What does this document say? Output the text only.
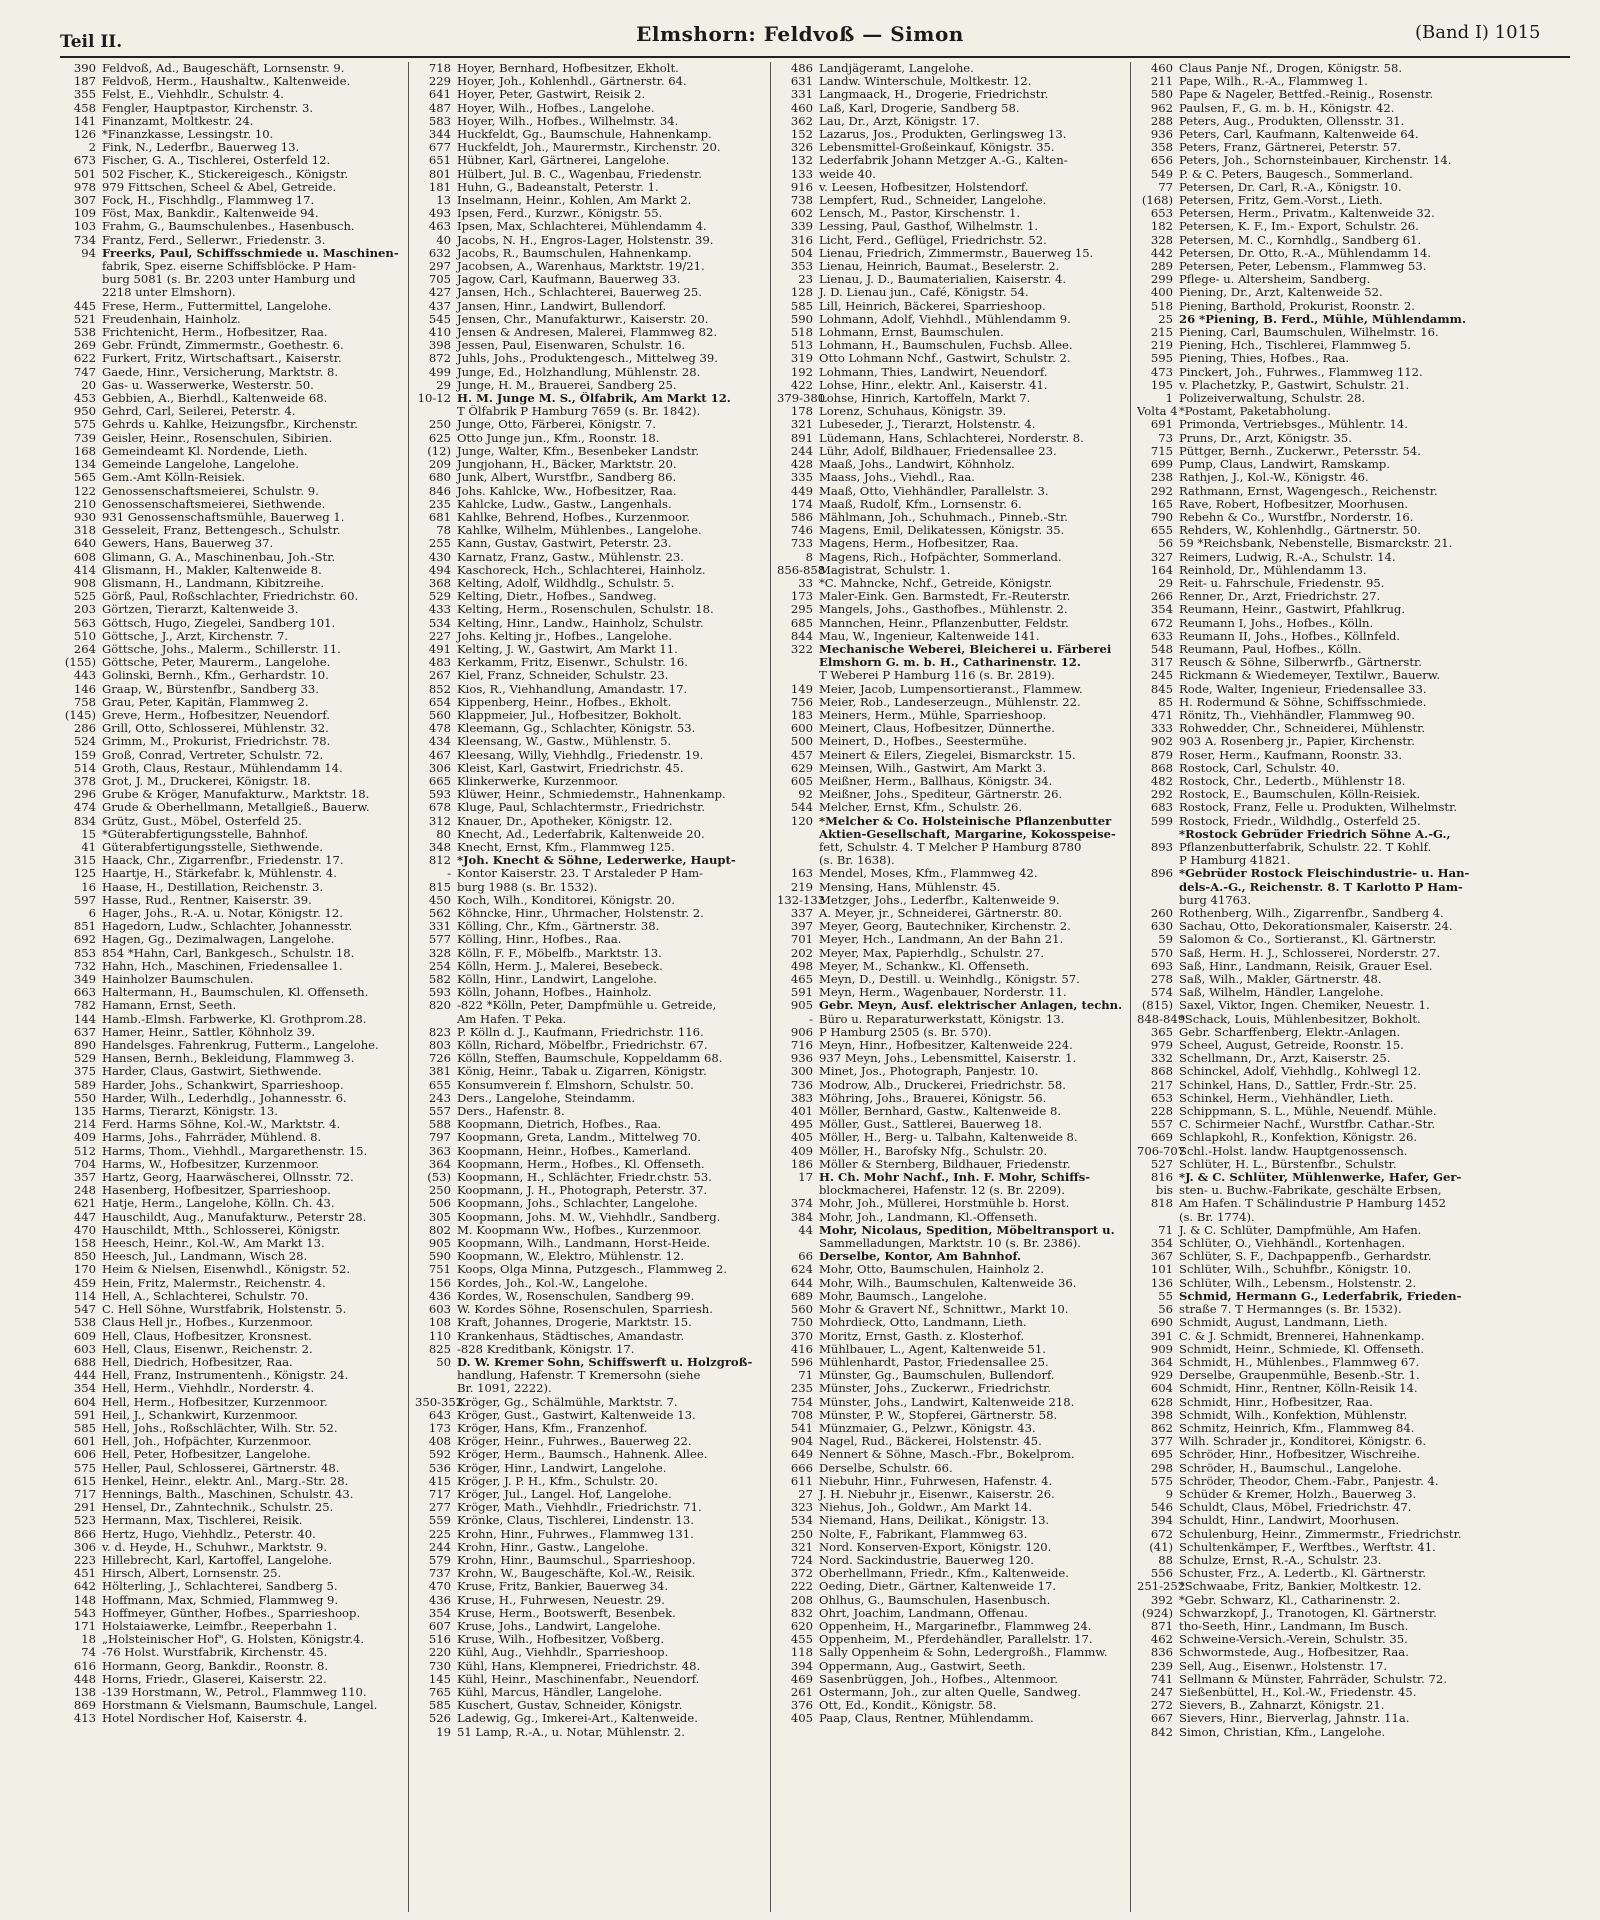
Teil II.	Elmshorn: Feldvoß — Simon	(Band I) 1015
390 Feldvoß, Ad., Baugeschäft, Lornsenstr. 9.
187 Feldvoß, Herm., Haushaltw., Kaltenweide.
355 Felst, E., Viehhdlr., Schulstr. 4.
458 Fengler, Hauptpastor, Kirchenstr. 3.
141 Finanzamt, Moltkestr. 24.
126 *Finanzkasse, Lessingstr. 10.
2 Fink, N., Lederfbr., Bauerweg 13.
673 Fischer, G. A., Tischlerei, Osterfeld 12.
501 502 Fischer, K., Stickereigesch., Königstr.
978 979 Fittschen, Scheel & Abel, Getreide.
307 Fock, H., Fischhdlg., Flammweg 17.
109 Föst, Max, Bankdir., Kaltenweide 94.
103 Frahm, G., Baumschulenbes., Hasenbusch.
734 Frantz, Ferd., Sellerwr., Friedenstr. 3.
94 Freerks, Paul, Schiffsschmiede u. Maschinen-
fabrik, Spez. eiserne Schiffsblöcke. P Ham-
burg 5081 (s. Br. 2203 unter Hamburg und
2218 unter Elmshorn).
445 Frese, Herm., Futtermittel, Langelohe.
521 Freudenhain, Hainholz.
538 Frichtenicht, Herm., Hofbesitzer, Raa.
269 Gebr. Fründt, Zimmermstr., Goethestr. 6.
622 Furkert, Fritz, Wirtschaftsart., Kaiserstr.
747 Gaede, Hinr., Versicherung, Marktstr. 8.
20 Gas- u. Wasserwerke, Westerstr. 50.
453 Gebbien, A., Bierhdl., Kaltenweide 68.
950 Gehrd, Carl, Seilerei, Peterstr. 4.
575 Gehrds u. Kahlke, Heizungsfbr., Kirchenstr.
739 Geisler, Heinr., Rosenschulen, Sibirien.
168 Gemeindeamt Kl. Nordende, Lieth.
134 Gemeinde Langelohe, Langelohe.
565 Gem.-Amt Kölln-Reisiek.
122 Genossenschaftsmeierei, Schulstr. 9.
210 Genossenschaftsmeierei, Siethwende.
930 931 Genossenschaftsmühle, Bauerweg 1.
318 Gesseleit, Franz, Bettengesch., Schulstr.
640 Gewers, Hans, Bauerweg 37.
608 Glimann, G. A., Maschinenbau, Joh.-Str.
414 Glismann, H., Makler, Kaltenweide 8.
908 Glismann, H., Landmann, Kibitzreihe.
525 Görß, Paul, Roßschlachter, Friedrichstr. 60.
203 Görtzen, Tierarzt, Kaltenweide 3.
563 Göttsch, Hugo, Ziegelei, Sandberg 101.
510 Göttsche, J., Arzt, Kirchenstr. 7.
264 Göttsche, Johs., Malerm., Schillerstr. 11.
(155) Göttsche, Peter, Maurerm., Langelohe.
443 Golinski, Bernh., Kfm., Gerhardstr. 10.
146 Graap, W., Bürstenfbr., Sandberg 33.
758 Grau, Peter, Kapitän, Flammweg 2.
(145) Greve, Herm., Hofbesitzer, Neuendorf.
286 Grill, Otto, Schlosserei, Mühlenstr. 32.
524 Grimm, M., Prokurist, Friedrichstr. 78.
159 Groß, Conrad, Vertreter, Schulstr. 72.
514 Groth, Claus, Restaur., Mühlendamm 14.
378 Grot, J. M., Druckerei, Königstr. 18.
296 Grube & Kröger, Manufakturw., Marktstr. 18.
474 Grude & Oberhellmann, Metallgieß., Bauerw.
834 Grütz, Gust., Möbel, Osterfeld 25.
15 *Güterabfertigungsstelle, Bahnhof.
41 Güterabfertigungsstelle, Siethwende.
315 Haack, Chr., Zigarrenfbr., Friedenstr. 17.
125 Haartje, H., Stärkefabr. k, Mühlenstr. 4.
16 Haase, H., Destillation, Reichenstr. 3.
597 Hasse, Rud., Rentner, Kaiserstr. 39.
6 Hager, Johs., R.-A. u. Notar, Königstr. 12.
851 Hagedorn, Ludw., Schlachter, Johannesstr.
692 Hagen, Gg., Dezimalwagen, Langelohe.
853 854 *Hahn, Carl, Bankgesch., Schulstr. 18.
732 Hahn, Hch., Maschinen, Friedensallee 1.
349 Hainholzer Baumschulen.
663 Haltermann, H., Baumschulen, Kl. Offenseth.
782 Hamann, Ernst, Seeth.
144 Hamb.-Elmsh. Farbwerke, Kl. Grothprom.28.
637 Hamer, Heinr., Sattler, Köhnholz 39.
890 Handelsges. Fahrenkrug, Futterm., Langelohe.
529 Hansen, Bernh., Bekleidung, Flammweg 3.
375 Harder, Claus, Gastwirt, Siethwende.
589 Harder, Johs., Schankwirt, Sparrieshoop.
550 Harder, Wilh., Lederhdlg., Johannesstr. 6.
135 Harms, Tierarzt, Königstr. 13.
214 Ferd. Harms Söhne, Kol.-W., Marktstr. 4.
409 Harms, Johs., Fahrräder, Mühlend. 8.
512 Harms, Thom., Viehhdl., Margarethenstr. 15.
704 Harms, W., Hofbesitzer, Kurzenmoor.
357 Hartz, Georg, Haarwäscherei, Ollnsstr. 72.
248 Hasenberg, Hofbesitzer, Sparrieshoop.
621 Hatje, Herm., Langelohe, Kölln. Ch. 43.
447 Hauschildt, Aug., Manufakturw., Peterstr 28.
470 Hauschildt, Mtth., Schlosserei, Königstr.
158 Heesch, Heinr., Kol.-W., Am Markt 13.
850 Heesch, Jul., Landmann, Wisch 28.
170 Heim & Nielsen, Eisenwhdl., Königstr. 52.
459 Hein, Fritz, Malermstr., Reichenstr. 4.
114 Hell, A., Schlachterei, Schulstr. 70.
547 C. Hell Söhne, Wurstfabrik, Holstenstr. 5.
538 Claus Hell jr., Hofbes., Kurzenmoor.
609 Hell, Claus, Hofbesitzer, Kronsnest.
603 Hell, Claus, Eisenwr., Reichenstr. 2.
688 Hell, Diedrich, Hofbesitzer, Raa.
444 Hell, Franz, Instrumentenh., Königstr. 24.
354 Hell, Herm., Viehhdlr., Norderstr. 4.
604 Hell, Herm., Hofbesitzer, Kurzenmoor.
591 Heil, J., Schankwirt, Kurzenmoor.
585 Hell, Johs., Roßschlächter, Wilh. Str. 52.
601 Hell, Joh., Hofpächter, Kurzenmoor.
606 Hell, Peter, Hofbesitzer, Langelohe.
575 Heller, Paul, Schlosserei, Gärtnerstr. 48.
615 Henkel, Heinr., elektr. Anl., Marg.-Str. 28.
717 Hennings, Balth., Maschinen, Schulstr. 43.
291 Hensel, Dr., Zahntechnik., Schulstr. 25.
523 Hermann, Max, Tischlerei, Reisik.
866 Hertz, Hugo, Viehhdlz., Peterstr. 40.
306 v. d. Heyde, H., Schuhwr., Marktstr. 9.
223 Hillebrecht, Karl, Kartoffel, Langelohe.
451 Hirsch, Albert, Lornsenstr. 25.
642 Hölterling, J., Schlachterei, Sandberg 5.
148 Hoffmann, Max, Schmied, Flammweg 9.
543 Hoffmeyer, Günther, Hofbes., Sparrieshoop.
171 Holstaiawerke, Leimfbr., Reeperbahn 1.
18 „Holsteinischer Hof", G. Holsten, Königstr.4.
74 -76 Holst. Wurstfabrik, Kirchenstr. 45.
616 Hormann, Georg, Bankdir., Roonstr. 8.
448 Horns, Friedr., Glaserei, Kaiserstr. 22.
138 -139 Horstmann, W., Petrol., Flammweg 110.
869 Horstmann & Vielsmann, Baumschule, Langel.
413 Hotel Nordischer Hof, Kaiserstr. 4.
718 Hoyer, Bernhard, Hofbesitzer, Ekholt.
229 Hoyer, Joh., Kohlenhdl., Gärtnerstr. 64.
641 Hoyer, Peter, Gastwirt, Reisik 2.
487 Hoyer, Wilh., Hofbes., Langelohe.
583 Hoyer, Wilh., Hofbes., Wilhelmstr. 34.
344 Huckfeldt, Gg., Baumschule, Hahnenkamp.
677 Huckfeldt, Joh., Maurermstr., Kirchenstr. 20.
651 Hübner, Karl, Gärtnerei, Langelohe.
801 Hülbert, Jul. B. C., Wagenbau, Friedenstr.
181 Huhn, G., Badeanstalt, Peterstr. 1.
13 Inselmann, Heinr., Kohlen, Am Markt 2.
493 Ipsen, Ferd., Kurzwr., Königstr. 55.
463 Ipsen, Max, Schlachterei, Mühlendamm 4.
40 Jacobs, N. H., Engros-Lager, Holstenstr. 39.
632 Jacobs, R., Baumschulen, Hahnenkamp.
297 Jacobsen, A., Warenhaus, Marktstr. 19/21.
705 Jagow, Carl, Kaufmann, Bauerweg 33.
427 Jansen, Hch., Schlachterei, Bauerweg 25.
437 Jansen, Hinr., Landwirt, Bullendorf.
545 Jensen, Chr., Manufakturwr., Kaiserstr. 20.
410 Jensen & Andresen, Malerei, Flammweg 82.
398 Jessen, Paul, Eisenwaren, Schulstr. 16.
872 Juhls, Johs., Produktengesch., Mittelweg 39.
499 Junge, Ed., Holzhandlung, Mühlenstr. 28.
29 Junge, H. M., Brauerei, Sandberg 25.
10-12 H. M. Junge M. S., Ölfabrik, Am Markt 12.
T Ölfabrik P Hamburg 7659 (s. Br. 1842).
250 Junge, Otto, Färberei, Königstr. 7.
625 Otto Junge jun., Kfm., Roonstr. 18.
(12) Junge, Walter, Kfm., Besenbeker Landstr.
209 Jungjohann, H., Bäcker, Marktstr. 20.
680 Junk, Albert, Wurstfbr., Sandberg 86.
846 Johs. Kahlcke, Ww., Hofbesitzer, Raa.
235 Kahlcke, Ludw., Gastw., Langenhals.
681 Kahlke, Behrend, Hofbes., Kurzenmoor.
78 Kahlke, Wilhelm, Mühlenbes., Langelohe.
255 Kann, Gustav, Gastwirt, Peterstr. 23.
430 Karnatz, Franz, Gastw., Mühlenstr. 23.
494 Kaschoreck, Hch., Schlachterei, Hainholz.
368 Kelting, Adolf, Wildhdlg., Schulstr. 5.
529 Kelting, Dietr., Hofbes., Sandweg.
433 Kelting, Herm., Rosenschulen, Schulstr. 18.
534 Kelting, Hinr., Landw., Hainholz, Schulstr.
227 Johs. Kelting jr., Hofbes., Langelohe.
491 Kelting, J. W., Gastwirt, Am Markt 11.
483 Kerkamm, Fritz, Eisenwr., Schulstr. 16.
267 Kiel, Franz, Schneider, Schulstr. 23.
852 Kios, R., Viehhandlung, Amandastr. 17.
654 Kippenberg, Heinr., Hofbes., Ekholt.
560 Klappmeier, Jul., Hofbesitzer, Bokholt.
478 Kleemann, Gg., Schlachter, Königstr. 53.
434 Kleensang, W., Gastw., Mühlenstr. 5.
467 Kleesang, Willy, Viehhdlg., Friedenstr. 19.
306 Kleist, Karl, Gastwirt, Friedrichstr. 45.
665 Klinkerwerke, Kurzenmoor.
593 Klüwer, Heinr., Schmiedemstr., Hahnenkamp.
678 Kluge, Paul, Schlachtermstr., Friedrichstr.
312 Knauer, Dr., Apotheker, Königstr. 12.
80 Knecht, Ad., Lederfabrik, Kaltenweide 20.
348 Knecht, Ernst, Kfm., Flammweg 125.
812 *Joh. Knecht & Söhne, Lederwerke, Haupt-
- Kontor Kaiserstr. 23. T Arstaleder P Ham-
815 burg 1988 (s. Br. 1532).
450 Koch, Wilh., Konditorei, Königstr. 20.
562 Köhncke, Hinr., Uhrmacher, Holstenstr. 2.
331 Kölling, Chr., Kfm., Gärtnerstr. 38.
577 Kölling, Hinr., Hofbes., Raa.
328 Kölln, F. F., Möbelfb., Marktstr. 13.
254 Kölln, Herm. J., Malerei, Besebeck.
582 Kölln, Hinr., Landwirt, Langelohe.
593 Kölln, Johann, Hofbes., Hainholz.
820 -822 *Kölln, Peter, Dampfmühle u. Getreide,
Am Hafen. T Peka.
823 P. Kölln d. J., Kaufmann, Friedrichstr. 116.
803 Kölln, Richard, Möbelfbr., Friedrichstr. 67.
726 Kölln, Steffen, Baumschule, Koppeldamm 68.
381 König, Heinr., Tabak u. Zigarren, Königstr.
655 Konsumverein f. Elmshorn, Schulstr. 50.
243 Ders., Langelohe, Steindamm.
557 Ders., Hafenstr. 8.
588 Koopmann, Dietrich, Hofbes., Raa.
797 Koopmann, Greta, Landm., Mittelweg 70.
363 Koopmann, Heinr., Hofbes., Kamerland.
364 Koopmann, Herm., Hofbes., Kl. Offenseth.
(53) Koopmann, H., Schlächter, Friedr.chstr. 53.
250 Koopmann, J. H., Photograph, Peterstr. 37.
506 Koopmann, Johs., Schlachter, Langelohe.
305 Koopmann, Johs. M. W., Viehhdlr., Sandberg.
802 M. Koopmann Ww., Hofbes., Kurzenmoor.
905 Koopmann, Wilh., Landmann, Horst-Heide.
590 Koopmann, W., Elektro, Mühlenstr. 12.
751 Koops, Olga Minna, Putzgesch., Flammweg 2.
156 Kordes, Joh., Kol.-W., Langelohe.
436 Kordes, W., Rosenschulen, Sandberg 99.
603 W. Kordes Söhne, Rosenschulen, Sparriesh.
108 Kraft, Johannes, Drogerie, Marktstr. 15.
110 Krankenhaus, Städtisches, Amandastr.
825 -828 Kreditbank, Königstr. 17.
50 D. W. Kremer Sohn, Schiffswerft u. Holzgroß-
handlung, Hafenstr. T Kremersohn (siehe
Br. 1091, 2222).
350-352Kröger, Gg., Schälmühle, Marktstr. 7.
643 Kröger, Gust., Gastwirt, Kaltenweide 13.
173 Kröger, Hans, Kfm., Franzenhof.
408 Kröger, Heinr., Fuhrwes., Bauerweg 22.
592 Kröger, Herm., Baumsch., Hahnenk. Allee.
536 Kröger, Hinr., Landwirt, Langelohe.
415 Kröger, J. P. H., Kfm., Schulstr. 20.
717 Kröger, Jul., Langel. Hof, Langelohe.
277 Kröger, Math., Viehhdlr., Friedrichstr. 71.
559 Krönke, Claus, Tischlerei, Lindenstr. 13.
225 Krohn, Hinr., Fuhrwes., Flammweg 131.
244 Krohn, Hinr., Gastw., Langelohe.
579 Krohn, Hinr., Baumschul., Sparrieshoop.
737 Krohn, W., Baugeschäfte, Kol.-W., Reisik.
470 Kruse, Fritz, Bankier, Bauerweg 34.
436 Kruse, H., Fuhrwesen, Neuestr. 29.
354 Kruse, Herm., Bootswerft, Besenbek.
607 Kruse, Johs., Landwirt, Langelohe.
516 Kruse, Wilh., Hofbesitzer, Voßberg.
220 Kühl, Aug., Viehhdlr., Sparrieshoop.
730 Kühl, Hans, Klempnerei, Friedrichstr. 48.
145 Kühl, Heinr., Maschinenfabr., Neuendorf.
765 Kühl, Marcus, Händler, Langelohe.
585 Kuschert, Gustav, Schneider, Königstr.
526 Ladewig, Gg., Imkerei-Art., Kaltenweide.
19 51 Lamp, R.-A., u. Notar, Mühlenstr. 2.
486 Landjägeramt, Langelohe.
631 Landw. Winterschule, Moltkestr. 12.
331 Langmaack, H., Drogerie, Friedrichstr.
460 Laß, Karl, Drogerie, Sandberg 58.
362 Lau, Dr., Arzt, Königstr. 17.
152 Lazarus, Jos., Produkten, Gerlingsweg 13.
326 Lebensmittel-Großeinkauf, Königstr. 35.
132 Lederfabrik Johann Metzger A.-G., Kalten-
133 weide 40.
916 v. Leesen, Hofbesitzer, Holstendorf.
738 Lempfert, Rud., Schneider, Langelohe.
602 Lensch, M., Pastor, Kirschenstr. 1.
339 Lessing, Paul, Gasthof, Wilhelmstr. 1.
316 Licht, Ferd., Geflügel, Friedrichstr. 52.
504 Lienau, Friedrich, Zimmermstr., Bauerweg 15.
353 Lienau, Heinrich, Baumat., Beselerstr. 2.
23 Lienau, J. D., Baumaterialien, Kaiserstr. 4.
128 J. D. Lienau jun., Café, Königstr. 54.
585 Lill, Heinrich, Bäckerei, Sparrieshoop.
590 Lohmann, Adolf, Viehhdl., Mühlendamm 9.
518 Lohmann, Ernst, Baumschulen.
513 Lohmann, H., Baumschulen, Fuchsb. Allee.
319 Otto Lohmann Nchf., Gastwirt, Schulstr. 2.
192 Lohmann, Thies, Landwirt, Neuendorf.
422 Lohse, Hinr., elektr. Anl., Kaiserstr. 41.
379-380Lohse, Hinrich, Kartoffeln, Markt 7.
178 Lorenz, Schuhaus, Königstr. 39.
321 Lubeseder, J., Tierarzt, Holstenstr. 4.
891 Lüdemann, Hans, Schlachterei, Norderstr. 8.
244 Lühr, Adolf, Bildhauer, Friedensallee 23.
428 Maaß, Johs., Landwirt, Köhnholz.
335 Maass, Johs., Viehdl., Raa.
449 Maaß, Otto, Viehhändler, Parallelstr. 3.
174 Maaß, Rudolf, Kfm., Lornsenstr. 6.
586 Mählmann, Joh., Schuhmach., Pinneb.-Str.
746 Magens, Emil, Delikatessen, Königstr. 35.
733 Magens, Herm., Hofbesitzer, Raa.
8 Magens, Rich., Hofpächter, Sommerland.
856-858Magistrat, Schulstr. 1.
33 *C. Mahncke, Nchf., Getreide, Königstr.
173 Maler-Eink. Gen. Barmstedt, Fr.-Reuterstr.
295 Mangels, Johs., Gasthofbes., Mühlenstr. 2.
685 Mannchen, Heinr., Pflanzenbutter, Feldstr.
844 Mau, W., Ingenieur, Kaltenweide 141.
322 Mechanische Weberei, Bleicherei u. Färberei
Elmshorn G. m. b. H., Catharinenstr. 12.
T Weberei P Hamburg 116 (s. Br. 2819).
149 Meier, Jacob, Lumpensortieranst., Flammew.
756 Meier, Rob., Landeserzeugn., Mühlenstr. 22.
183 Meiners, Herm., Mühle, Sparrieshoop.
600 Meinert, Claus, Hofbesitzer, Dünnerthe.
500 Meinert, D., Hofbes., Seestermühe.
457 Meinert & Eilers, Ziegelei, Bismarckstr. 15.
629 Meinsen, Wilh., Gastwirt, Am Markt 3.
605 Meißner, Herm., Ballhaus, Königstr. 34.
92 Meißner, Johs., Spediteur, Gärtnerstr. 26.
544 Melcher, Ernst, Kfm., Schulstr. 26.
120 *Melcher & Co. Holsteinische Pflanzenbutter
Aktien-Gesellschaft, Margarine, Kokosspeise-
fett, Schulstr. 4. T Melcher P Hamburg 8780
(s. Br. 1638).
163 Mendel, Moses, Kfm., Flammweg 42.
219 Mensing, Hans, Mühlenstr. 45.
132-133Metzger, Johs., Lederfbr., Kaltenweide 9.
337 A. Meyer, jr., Schneiderei, Gärtnerstr. 80.
397 Meyer, Georg, Bautechniker, Kirchenstr. 2.
701 Meyer, Hch., Landmann, An der Bahn 21.
202 Meyer, Max, Papierhdlg., Schulstr. 27.
498 Meyer, M., Schankw., Kl. Offenseth.
465 Meyn, D., Destill. u. Weinhdlg., Königstr. 57.
591 Meyn, Herm., Wagenbauer, Norderstr. 11.
905 Gebr. Meyn, Ausf. elektrischer Anlagen, techn.
- Büro u. Reparaturwerkstatt, Königstr. 13.
906 P Hamburg 2505 (s. Br. 570).
716 Meyn, Hinr., Hofbesitzer, Kaltenweide 224.
936 937 Meyn, Johs., Lebensmittel, Kaiserstr. 1.
300 Minet, Jos., Photograph, Panjestr. 10.
736 Modrow, Alb., Druckerei, Friedrichstr. 58.
383 Möhring, Johs., Brauerei, Königstr. 56.
401 Möller, Bernhard, Gastw., Kaltenweide 8.
495 Möller, Gust., Sattlerei, Bauerweg 18.
405 Möller, H., Berg- u. Talbahn, Kaltenweide 8.
409 Möller, H., Barofsky Nfg., Schulstr. 20.
186 Möller & Sternberg, Bildhauer, Friedenstr.
17 H. Ch. Mohr Nachf., Inh. F. Mohr, Schiffs-
blockmacherei, Hafenstr. 12 (s. Br. 2209).
374 Mohr, Joh., Müllerei, Horstmühle b. Horst.
384 Mohr, Joh., Landmann, Kl.-Offenseth.
44 Mohr, Nicolaus, Spedition, Möbeltransport u.
Sammelladungen, Marktstr. 10 (s. Br. 2386).
66 Derselbe, Kontor, Am Bahnhof.
624 Mohr, Otto, Baumschulen, Hainholz 2.
644 Mohr, Wilh., Baumschulen, Kaltenweide 36.
689 Mohr, Baumsch., Langelohe.
560 Mohr & Gravert Nf., Schnittwr., Markt 10.
750 Mohrdieck, Otto, Landmann, Lieth.
370 Moritz, Ernst, Gasth. z. Klosterhof.
416 Mühlbauer, L., Agent, Kaltenweide 51.
596 Mühlenhardt, Pastor, Friedensallee 25.
71 Münster, Gg., Baumschulen, Bullendorf.
235 Münster, Johs., Zuckerwr., Friedrichstr.
754 Münster, Johs., Landwirt, Kaltenweide 218.
708 Münster, P. W., Stopferei, Gärtnerstr. 58.
541 Münzmaier, G., Pelzwr., Königstr. 43.
904 Nagel, Rud., Bäckerei, Holstenstr. 45.
649 Nennert & Söhne, Masch.-Fbr., Bokelprom.
666 Derselbe, Schulstr. 66.
611 Niebuhr, Hinr., Fuhrwesen, Hafenstr. 4.
27 J. H. Niebuhr jr., Eisenwr., Kaiserstr. 26.
323 Niehus, Joh., Goldwr., Am Markt 14.
534 Niemand, Hans, Deilikat., Königstr. 13.
250 Nolte, F., Fabrikant, Flammweg 63.
321 Nord. Konserven-Export, Königstr. 120.
724 Nord. Sackindustrie, Bauerweg 120.
372 Oberhellmann, Friedr., Kfm., Kaltenweide.
222 Oeding, Dietr., Gärtner, Kaltenweide 17.
208 Ohlhus, G., Baumschulen, Hasenbusch.
832 Ohrt, Joachim, Landmann, Offenau.
620 Oppenheim, H., Margarinefbr., Flammweg 24.
455 Oppenheim, M., Pferdehändler, Parallelstr. 17.
118 Sally Oppenheim & Sohn, Ledergroßh., Flammw.
394 Oppermann, Aug., Gastwirt, Seeth.
469 Sasenbrüggen, Joh., Hofbes., Altenmoor.
261 Ostermann, Joh., zur alten Quelle, Sandweg.
376 Ott, Ed., Kondit., Königstr. 58.
405 Paap, Claus, Rentner, Mühlendamm.
460 Claus Panje Nf., Drogen, Königstr. 58.
211 Pape, Wilh., R.-A., Flammweg 1.
580 Pape & Nageler, Bettfed.-Reinig., Rosenstr.
962 Paulsen, F., G. m. b. H., Königstr. 42.
288 Peters, Aug., Produkten, Ollensstr. 31.
936 Peters, Carl, Kaufmann, Kaltenweide 64.
358 Peters, Franz, Gärtnerei, Peterstr. 57.
656 Peters, Joh., Schornsteinbauer, Kirchenstr. 14.
549 P. & C. Peters, Baugesch., Sommerland.
77 Petersen, Dr. Carl, R.-A., Königstr. 10.
(168) Petersen, Fritz, Gem.-Vorst., Lieth.
653 Petersen, Herm., Privatm., Kaltenweide 32.
182 Petersen, K. F., Im.- Export, Schulstr. 26.
328 Petersen, M. C., Kornhdlg., Sandberg 61.
442 Petersen, Dr. Otto, R.-A., Mühlendamm 14.
289 Petersen, Peter, Lebensm., Flammweg 53.
299 Pflege- u. Altersheim, Sandberg.
400 Piening, Dr., Arzt, Kaltenweide 52.
518 Piening, Barthold, Prokurist, Roonstr. 2.
25 26 *Piening, B. Ferd., Mühle, Mühlendamm.
215 Piening, Carl, Baumschulen, Wilhelmstr. 16.
219 Piening, Hch., Tischlerei, Flammweg 5.
595 Piening, Thies, Hofbes., Raa.
473 Pinckert, Joh., Fuhrwes., Flammweg 112.
195 v. Plachetzky, P., Gastwirt, Schulstr. 21.
1 Polizeiverwaltung, Schulstr. 28.
Volta 4*Postamt, Paketabholung.
691 Primonda, Vertriebsges., Mühlentr. 14.
73 Pruns, Dr., Arzt, Königstr. 35.
715 Püttger, Bernh., Zuckerwr., Petersstr. 54.
699 Pump, Claus, Landwirt, Ramskamp.
238 Rathjen, J., Kol.-W., Königstr. 46.
292 Rathmann, Ernst, Wagengesch., Reichenstr.
165 Rave, Robert, Hofbesitzer, Moorhusen.
790 Rebehn & Co., Wurstfbr., Norderstr. 16.
655 Rehders, W., Kohlenhdlg., Gärtnerstr. 50.
56 59 *Reichsbank, Nebenstelle, Bismarckstr. 21.
327 Reimers, Ludwig, R.-A., Schulstr. 14.
164 Reinhold, Dr., Mühlendamm 13.
29 Reit- u. Fahrschule, Friedenstr. 95.
266 Renner, Dr., Arzt, Friedrichstr. 27.
354 Reumann, Heinr., Gastwirt, Pfahlkrug.
672 Reumann I, Johs., Hofbes., Kölln.
633 Reumann II, Johs., Hofbes., Köllnfeld.
548 Reumann, Paul, Hofbes., Kölln.
317 Reusch & Söhne, Silberwrfb., Gärtnerstr.
245 Rickmann & Wiedemeyer, Textilwr., Bauerw.
845 Rode, Walter, Ingenieur, Friedensallee 33.
85 H. Rodermund & Söhne, Schiffsschmiede.
471 Rönitz, Th., Viehhändler, Flammweg 90.
333 Rohwedder, Chr., Schneiderei, Mühlenstr.
902 903 A. Rosenberg jr., Papier, Kirchenstr.
879 Roser, Herm., Kaufmann, Roonstr. 33.
868 Rostock, Carl, Schulstr. 40.
482 Rostock, Chr., Ledertb., Mühlenstr 18.
292 Rostock, E., Baumschulen, Kölln-Reisiek.
683 Rostock, Franz, Felle u. Produkten, Wilhelmstr.
599 Rostock, Friedr., Wildhdlg., Osterfeld 25.
*Rostock Gebrüder Friedrich Söhne A.-G.,
893 Pflanzenbutterfabrik, Schulstr. 22. T Kohlf.
P Hamburg 41821.
896 *Gebrüder Rostock Fleischindustrie- u. Han-
dels-A.-G., Reichenstr. 8. T Karlotto P Ham-
burg 41763.
260 Rothenberg, Wilh., Zigarrenfbr., Sandberg 4.
630 Sachau, Otto, Dekorationsmaler, Kaiserstr. 24.
59 Salomon & Co., Sortieranst., Kl. Gärtnerstr.
570 Saß, Herm. H. J., Schlosserei, Norderstr. 27.
693 Saß, Hinr., Landmann, Reisik, Grauer Esel.
278 Saß, Wilh., Makler, Gärtnerstr. 48.
574 Saß, Wilhelm, Händler, Langelohe.
(815) Saxel, Viktor, Ingen. Chemiker, Neuestr. 1.
848-849*Schack, Louis, Mühlenbesitzer, Bokholt.
365 Gebr. Scharffenberg, Elektr.-Anlagen.
979 Scheel, August, Getreide, Roonstr. 15.
332 Schellmann, Dr., Arzt, Kaiserstr. 25.
868 Schinckel, Adolf, Viehhdlg., Kohlwegl 12.
217 Schinkel, Hans, D., Sattler, Frdr.-Str. 25.
653 Schinkel, Herm., Viehhändler, Lieth.
228 Schippmann, S. L., Mühle, Neuendf. Mühle.
557 C. Schirmeier Nachf., Wurstfbr. Cathar.-Str.
669 Schlapkohl, R., Konfektion, Königstr. 26.
706-707Schl.-Holst. landw. Hauptgenossensch.
527 Schlüter, H. L., Bürstenfbr., Schulstr.
816 *J. & C. Schlüter, Mühlenwerke, Hafer, Ger-
bis sten- u. Buchw.-Fabrikate, geschälte Erbsen,
818 Am Hafen. T Schälindustrie P Hamburg 1452
(s. Br. 1774).
71 J. & C. Schlüter, Dampfmühle, Am Hafen.
354 Schlüter, O., Viehhändl., Kortenhagen.
367 Schlüter, S. F., Dachpappenfb., Gerhardstr.
101 Schlüter, Wilh., Schuhfbr., Königstr. 10.
136 Schlüter, Wilh., Lebensm., Holstenstr. 2.
55 Schmid, Hermann G., Lederfabrik, Frieden-
56 straße 7. T Hermannges (s. Br. 1532).
690 Schmidt, August, Landmann, Lieth.
391 C. & J. Schmidt, Brennerei, Hahnenkamp.
909 Schmidt, Heinr., Schmiede, Kl. Offenseth.
364 Schmidt, H., Mühlenbes., Flammweg 67.
929 Derselbe, Graupenmühle, Besenb.-Str. 1.
604 Schmidt, Hinr., Rentner, Kölln-Reisik 14.
628 Schmidt, Hinr., Hofbesitzer, Raa.
398 Schmidt, Wilh., Konfektion, Mühlenstr.
862 Schmitz, Heinrich, Kfm., Flammweg 84.
377 Wilh. Schrader jr., Konditorei, Königstr. 6.
695 Schröder, Hinr., Hofbesitzer, Wischreihe.
298 Schröder, H., Baumschul., Langelohe.
575 Schröder, Theodor, Chem.-Fabr., Panjestr. 4.
9 Schüder & Kremer, Holzh., Bauerweg 3.
546 Schuldt, Claus, Möbel, Friedrichstr. 47.
394 Schuldt, Hinr., Landwirt, Moorhusen.
672 Schulenburg, Heinr., Zimmermstr., Friedrichstr.
(41) Schultenkämper, F., Werftbes., Werftstr. 41.
88 Schulze, Ernst, R.-A., Schulstr. 23.
556 Schuster, Frz., A. Ledertb., Kl. Gärtnerstr.
251-252*Schwaabe, Fritz, Bankier, Moltkestr. 12.
392 *Gebr. Schwarz, Kl., Catharinenstr. 2.
(924) Schwarzkopf, J., Tranotogen, Kl. Gärtnerstr.
871 tho-Seeth, Hinr., Landmann, Im Busch.
462 Schweine-Versich.-Verein, Schulstr. 35.
836 Schwormstede, Aug., Hofbesitzer, Raa.
239 Sell, Aug., Eisenwr., Holstenstr. 17.
741 Sellmann & Münster, Fahrräder, Schulstr. 72.
247 Sießenbüttel, H., Kol.-W., Friedenstr. 45.
272 Sievers, B., Zahnarzt, Königstr. 21.
667 Sievers, Hinr., Bierverlag, Jahnstr. 11a.
842 Simon, Christian, Kfm., Langelohe.
